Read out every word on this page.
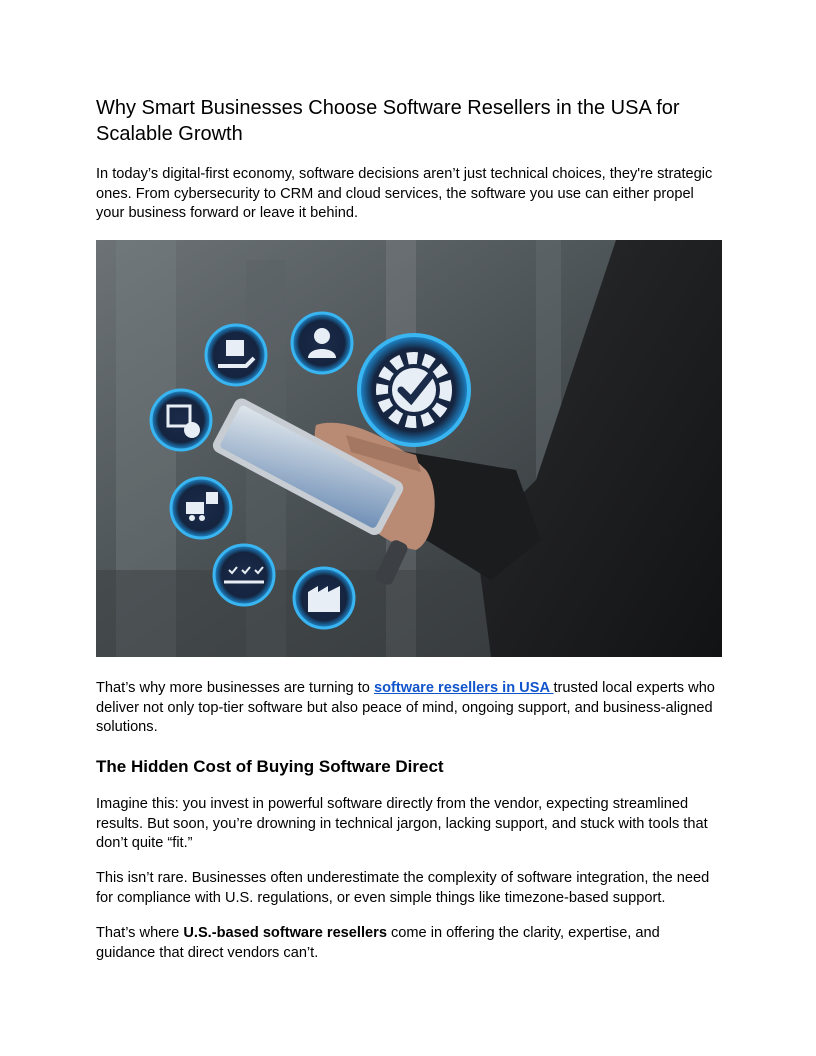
Why Smart Businesses Choose Software Resellers in the USA for Scalable Growth

In today’s digital-first economy, software decisions aren’t just technical choices, they're strategic ones. From cybersecurity to CRM and cloud services, the software you use can either propel your business forward or leave it behind.

That’s why more businesses are turning to software resellers in USA trusted local experts who deliver not only top-tier software but also peace of mind, ongoing support, and business-aligned solutions.

The Hidden Cost of Buying Software Direct

Imagine this: you invest in powerful software directly from the vendor, expecting streamlined results. But soon, you’re drowning in technical jargon, lacking support, and stuck with tools that don’t quite “fit.”

This isn’t rare. Businesses often underestimate the complexity of software integration, the need for compliance with U.S. regulations, or even simple things like timezone-based support.

That’s where U.S.-based software resellers come in offering the clarity, expertise, and guidance that direct vendors can’t.
